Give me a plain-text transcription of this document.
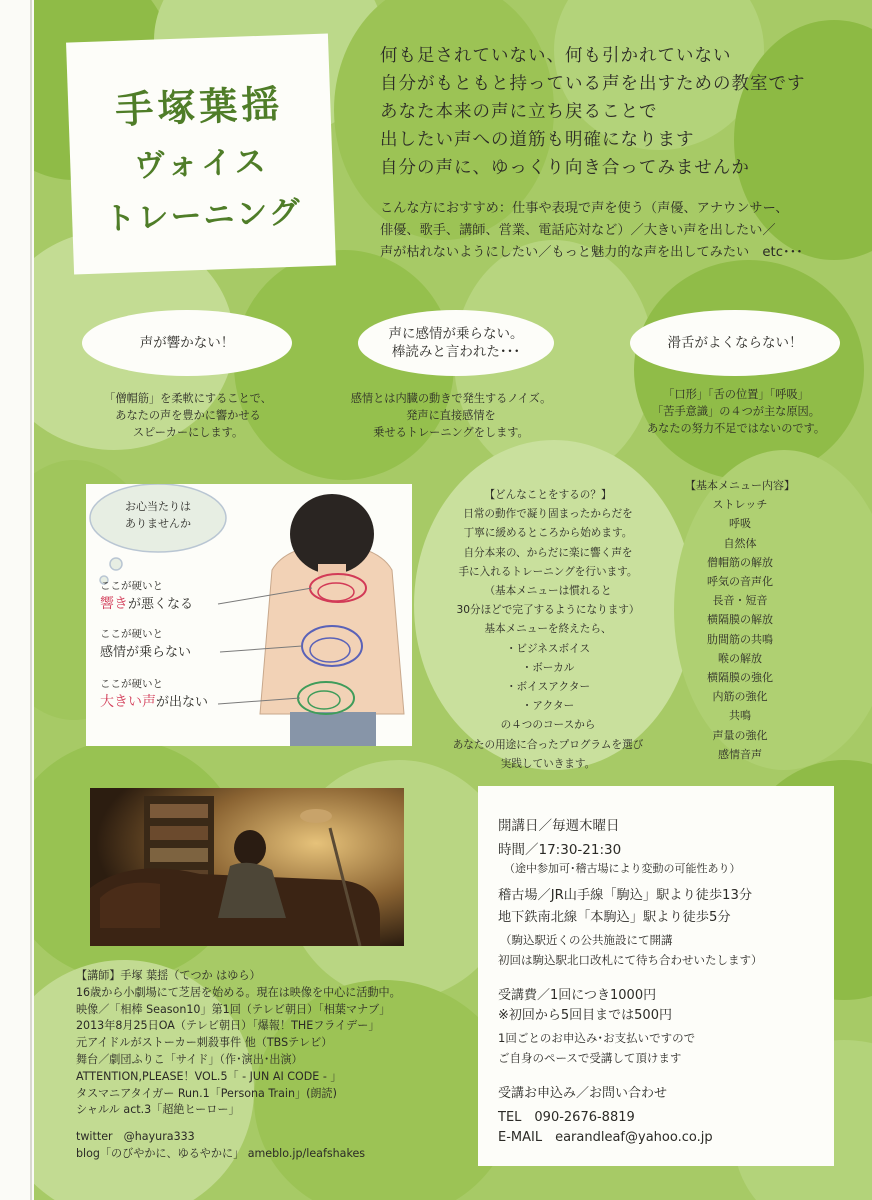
手塚葉揺
ヴォイス
トレーニング
何も足されていない、何も引かれていない
自分がもともと持っている声を出すための教室です
あなた本来の声に立ち戻ることで
出したい声への道筋も明確になります
自分の声に、ゆっくり向き合ってみませんか
こんな方におすすめ：仕事や表現で声を使う（声優、アナウンサー、
俳優、歌手、講師、営業、電話応対など）／大きい声を出したい／
声が枯れないようにしたい／もっと魅力的な声を出してみたい　etc･･･
声が響かない！
声に感情が乗らない。
棒読みと言われた･･･
滑舌がよくならない！
「僧帽筋」を柔軟にすることで、
あなたの声を豊かに響かせる
スピーカーにします。
感情とは内臓の動きで発生するノイズ。
発声に直接感情を
乗せるトレーニングをします。
「口形」「舌の位置」「呼吸」
「苦手意識」の４つが主な原因。
あなたの努力不足ではないのです。
お心当たりは
ありませんか
ここが硬いと
響きが悪くなる
ここが硬いと
感情が乗らない
ここが硬いと
大きい声が出ない
【どんなことをするの？】
日常の動作で凝り固まったからだを
丁寧に緩めるところから始めます。
自分本来の、からだに楽に響く声を
手に入れるトレーニングを行います。
（基本メニューは慣れると
30分ほどで完了するようになります）
基本メニューを終えたら、
・ビジネスボイス
・ボーカル
・ボイスアクター
・アクター
の４つのコースから
あなたの用途に合ったプログラムを選び
実践していきます。
【基本メニュー内容】
ストレッチ
呼吸
自然体
僧帽筋の解放
呼気の音声化
長音・短音
横隔膜の解放
肋間筋の共鳴
喉の解放
横隔膜の強化
内筋の強化
共鳴
声量の強化
感情音声
開講日／毎週木曜日
時間／17:30-21:30
（途中参加可･稽古場により変動の可能性あり）
稽古場／JR山手線「駒込」駅より徒歩13分
地下鉄南北線「本駒込」駅より徒歩5分
（駒込駅近くの公共施設にて開講
初回は駒込駅北口改札にて待ち合わせいたします）
受講費／1回につき1000円
※初回から5回目までは500円
1回ごとのお申込み･お支払いですので
ご自身のペースで受講して頂けます
受講お申込み／お問い合わせ
TEL　090-2676-8819
E-MAIL　earandleaf@yahoo.co.jp
【講師】手塚 葉揺（てつか はゆら）
16歳から小劇場にて芝居を始める。現在は映像を中心に活動中。
映像／「相棒 Season10」第1回（テレビ朝日）「相葉マナブ」
2013年8月25日OA（テレビ朝日）「爆報！THEフライデー」
元アイドルがストーカー刺殺事件 他（TBSテレビ）
舞台／劇団ふりこ「サイド」（作･演出･出演）
ATTENTION,PLEASE！VOL.5「 ‐ JUN AI CODE ‐ 」
タスマニアタイガー Run.1「Persona Train」(朗読)
シャルル act.3「超絶ヒーロー」
twitter　@hayura333
blog「のびやかに、ゆるやかに」 ameblo.jp/leafshakes
